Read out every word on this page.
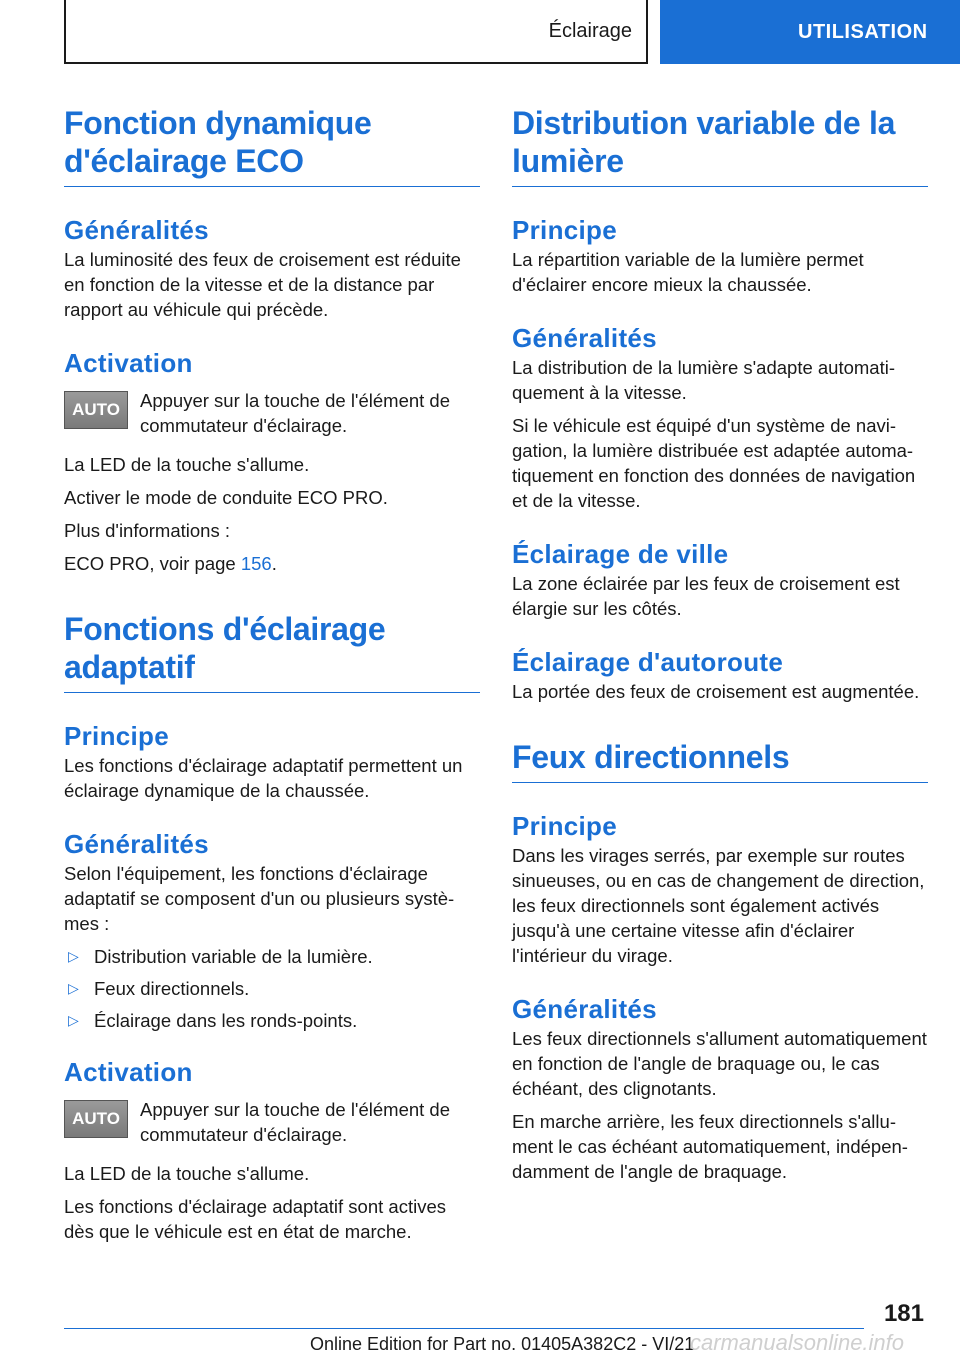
Éclairage	UTILISATION
Fonction dynamique d'éclairage ECO
Généralités

La luminosité des feux de croisement est réduite en fonction de la vitesse et de la distance par rapport au véhicule qui précède.

Activation
AUTO	Appuyer sur la touche de l'élément de commutateur d'éclairage.

La LED de la touche s'allume.

Activer le mode de conduite ECO PRO.

Plus d'informations :

ECO PRO, voir page 156.

Fonctions d'éclairage adaptatif
Principe

Les fonctions d'éclairage adaptatif permettent un éclairage dynamique de la chaussée.

Généralités

Selon l'équipement, les fonctions d'éclairage adaptatif se composent d'un ou plusieurs systèmes :

▷ Distribution variable de la lumière.
▷ Feux directionnels.
▷ Éclairage dans les ronds-points.
Activation
AUTO	Appuyer sur la touche de l'élément de commutateur d'éclairage.

La LED de la touche s'allume.

Les fonctions d'éclairage adaptatif sont actives dès que le véhicule est en état de marche.

Distribution variable de la lumière
Principe

La répartition variable de la lumière permet d'éclairer encore mieux la chaussée.

Généralités

La distribution de la lumière s'adapte automatiquement à la vitesse.

Si le véhicule est équipé d'un système de navigation, la lumière distribuée est adaptée automatiquement en fonction des données de navigation et de la vitesse.

Éclairage de ville

La zone éclairée par les feux de croisement est élargie sur les côtés.

Éclairage d'autoroute

La portée des feux de croisement est augmentée.

Feux directionnels
Principe

Dans les virages serrés, par exemple sur routes sinueuses, ou en cas de changement de direction, les feux directionnels sont également activés jusqu'à une certaine vitesse afin d'éclairer l'intérieur du virage.

Généralités

Les feux directionnels s'allument automatiquement en fonction de l'angle de braquage ou, le cas échéant, des clignotants.

En marche arrière, les feux directionnels s'allument le cas échéant automatiquement, indépendamment de l'angle de braquage.

181
Online Edition for Part no. 01405A382C2 - VI/21
carmanualsonline.info
